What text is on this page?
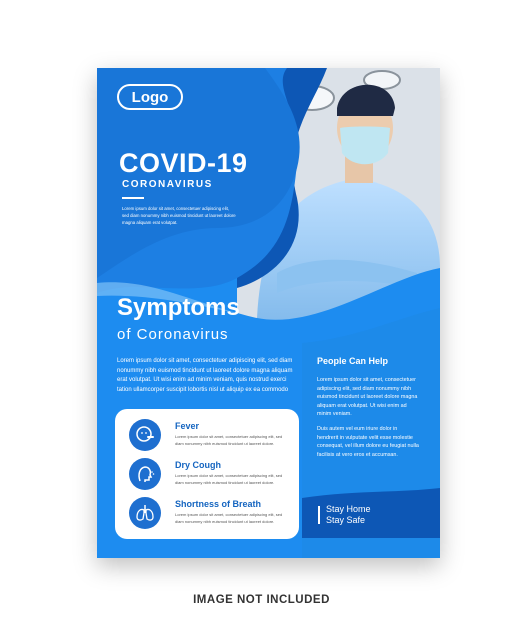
Logo
COVID-19
CORONAVIRUS
Lorem ipsum dolor sit amet, consectetuer adipiscing elit, sed diam nonummy nibh euismod tincidunt ut laoreet dolore magna aliquam erat volutpat.
Symptoms
of Coronavirus
Lorem ipsum dolor sit amet, consectetuer adipiscing elit, sed diam nonummy nibh euismod tincidunt ut laoreet dolore magna aliquam erat volutpat. Ut wisi enim ad minim veniam, quis nostrud exerci tation ullamcorper suscipit lobortis nisl ut aliquip ex ea commodo
Fever
Lorem ipsum dolor sit amet, consectetuer adipiscing elit, sed diam nonummy nibh euismod tincidunt ut laoreet dolore.
Dry Cough
Lorem ipsum dolor sit amet, consectetuer adipiscing elit, sed diam nonummy nibh euismod tincidunt ut laoreet dolore.
Shortness of Breath
Lorem ipsum dolor sit amet, consectetuer adipiscing elit, sed diam nonummy nibh euismod tincidunt ut laoreet dolore.
People Can Help
Lorem ipsum dolor sit amet, consectetuer adipiscing elit, sed diam nonummy nibh euismod tincidunt ut laoreet dolore magna aliquam erat volutpat. Ut wisi enim ad minim veniam.
Duis autem vel eum iriure dolor in hendrerit in vulputate velit esse molestie consequat, vel illum dolore eu feugiat nulla facilisis at vero eros et accumsan.
Stay Home
Stay Safe
IMAGE NOT INCLUDED
